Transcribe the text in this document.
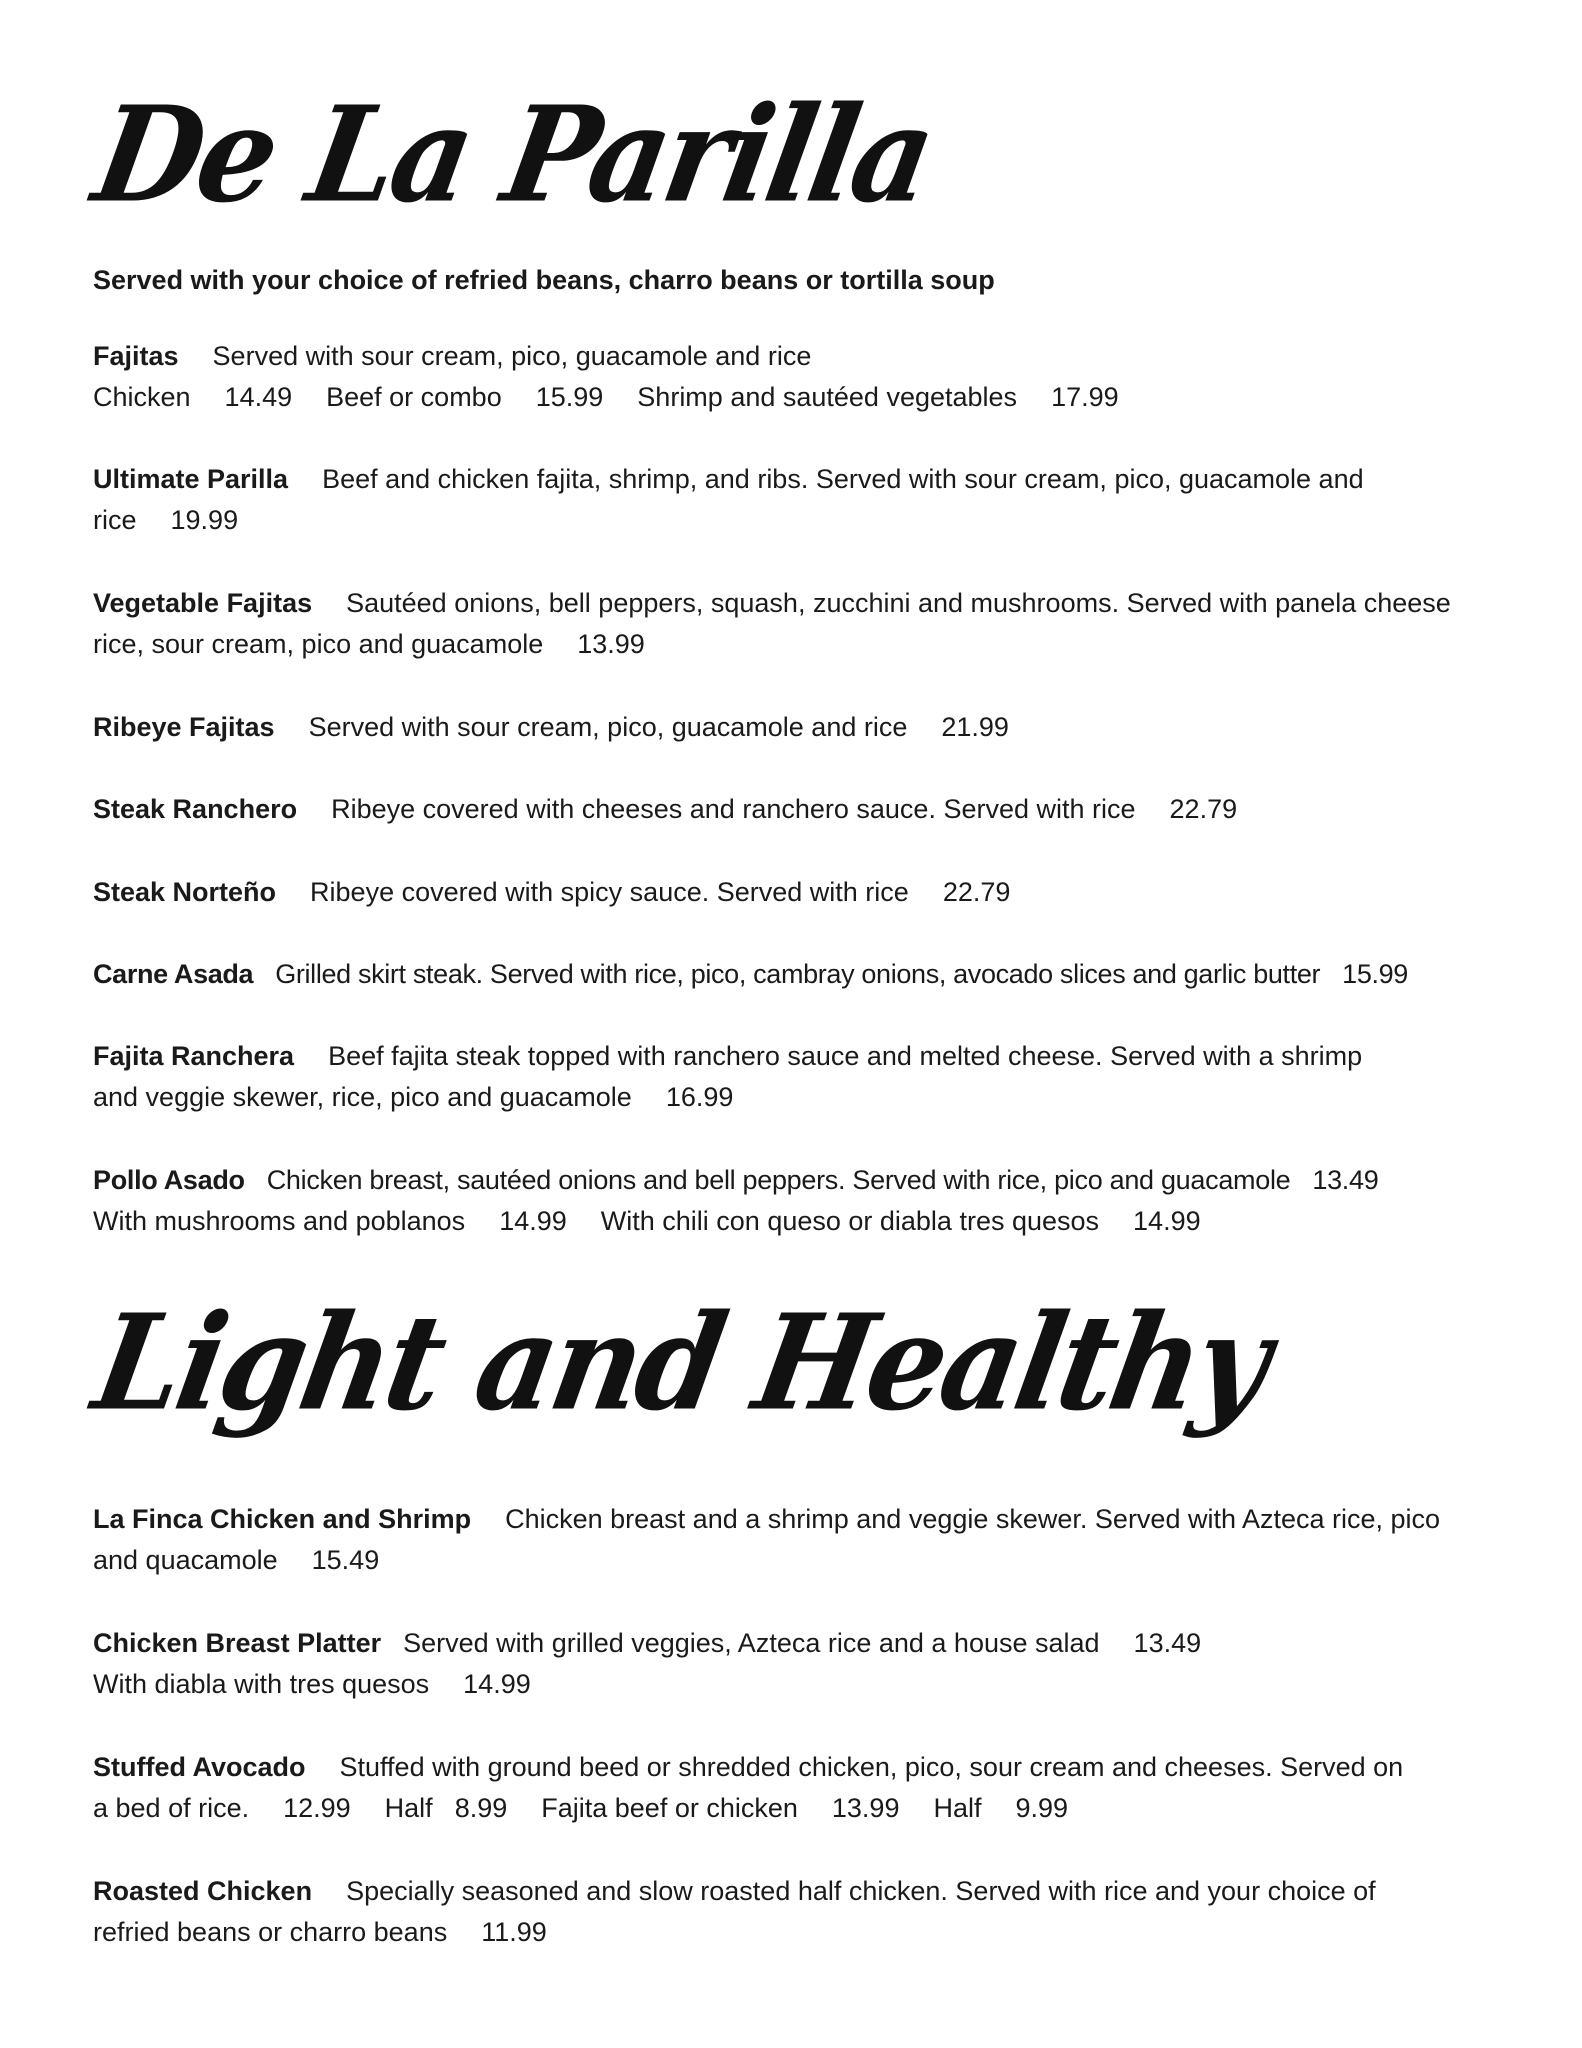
De La Parilla

Served with your choice of refried beans, charro beans or tortilla soup

Fajitas Served with sour cream, pico, guacamole and rice
Chicken 14.49 Beef or combo 15.99 Shrimp and sautéed vegetables 17.99
Ultimate Parilla Beef and chicken fajita, shrimp, and ribs. Served with sour cream, pico, guacamole and
rice 19.99
Vegetable Fajitas Sautéed onions, bell peppers, squash, zucchini and mushrooms. Served with panela cheese
rice, sour cream, pico and guacamole 13.99
Ribeye Fajitas Served with sour cream, pico, guacamole and rice 21.99
Steak Ranchero Ribeye covered with cheeses and ranchero sauce. Served with rice 22.79
Steak Norteño Ribeye covered with spicy sauce. Served with rice 22.79
Carne Asada Grilled skirt steak. Served with rice, pico, cambray onions, avocado slices and garlic butter 15.99
Fajita Ranchera Beef fajita steak topped with ranchero sauce and melted cheese. Served with a shrimp
and veggie skewer, rice, pico and guacamole 16.99
Pollo Asado Chicken breast, sautéed onions and bell peppers. Served with rice, pico and guacamole 13.49
With mushrooms and poblanos 14.99 With chili con queso or diabla tres quesos 14.99
Light and Healthy
La Finca Chicken and Shrimp Chicken breast and a shrimp and veggie skewer. Served with Azteca rice, pico
and quacamole 15.49
Chicken Breast Platter Served with grilled veggies, Azteca rice and a house salad 13.49
With diabla with tres quesos 14.99
Stuffed Avocado Stuffed with ground beed or shredded chicken, pico, sour cream and cheeses. Served on
a bed of rice. 12.99 Half 8.99 Fajita beef or chicken 13.99 Half 9.99
Roasted Chicken Specially seasoned and slow roasted half chicken. Served with rice and your choice of
refried beans or charro beans 11.99
